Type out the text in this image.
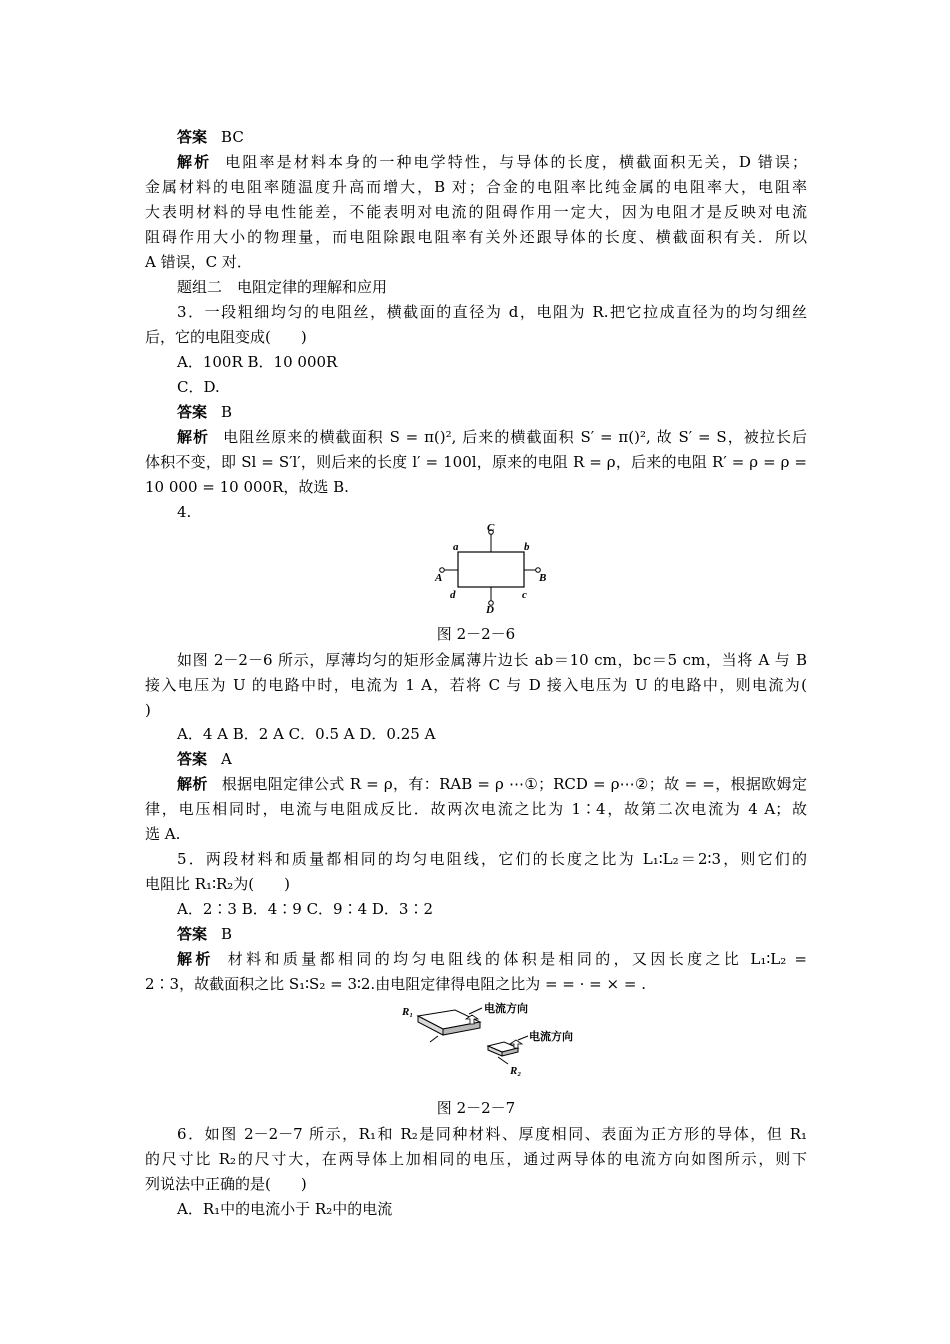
答案 BC
解析 电阻率是材料本身的一种电学特性，与导体的长度，横截面积无关，D 错误；
金属材料的电阻率随温度升高而增大，B 对；合金的电阻率比纯金属的电阻率大，电阻率
大表明材料的导电性能差，不能表明对电流的阻碍作用一定大，因为电阻才是反映对电流
阻碍作用大小的物理量，而电阻除跟电阻率有关外还跟导体的长度、横截面积有关．所以
A 错误，C 对．
题组二　电阻定律的理解和应用
3．一段粗细均匀的电阻丝，横截面的直径为 d，电阻为 R.把它拉成直径为的均匀细丝
后，它的电阻变成(　　)
A．100R B．10 000R
C．D.
答案 B
解析 电阻丝原来的横截面积 S = π()², 后来的横截面积 S′ = π()², 故 S′ = S，被拉长后
体积不变，即 Sl = S′l′，则后来的长度 l′ = 100l，原来的电阻 R = ρ，后来的电阻 R′ = ρ = ρ =
10 000 = 10 000R，故选 B.
4.
C
D
A	B
a	b
c
d
图 2－2－6
如图 2－2－6 所示，厚薄均匀的矩形金属薄片边长 ab＝10 cm，bc＝5 cm，当将 A 与 B
接入电压为 U 的电路中时，电流为 1 A，若将 C 与 D 接入电压为 U 的电路中，则电流为(
)
A．4 A B．2 A C．0.5 A D．0.25 A
答案 A
解析 根据电阻定律公式 R = ρ，有：RAB = ρ ⋯①；RCD = ρ⋯②；故 = =，根据欧姆定
律，电压相同时，电流与电阻成反比．故两次电流之比为 1∶4，故第二次电流为 4 A；故
选 A.
5．两段材料和质量都相同的均匀电阻线，它们的长度之比为 L₁∶L₂＝2∶3，则它们的
电阻比 R₁∶R₂为(　　)
A．2∶3 B．4∶9 C．9∶4 D．3∶2
答案 B
解析 材料和质量都相同的均匀电阻线的体积是相同的，又因长度之比 L₁∶L₂ =
2∶3，故截面积之比 S₁∶S₂ = 3∶2.由电阻定律得电阻之比为 = = · = × = .
R₁
R₂
电流方向
电流方向
图 2－2－7
6．如图 2－2－7 所示，R₁和 R₂是同种材料、厚度相同、表面为正方形的导体，但 R₁
的尺寸比 R₂的尺寸大，在两导体上加相同的电压，通过两导体的电流方向如图所示，则下
列说法中正确的是(　　)
A．R₁中的电流小于 R₂中的电流
